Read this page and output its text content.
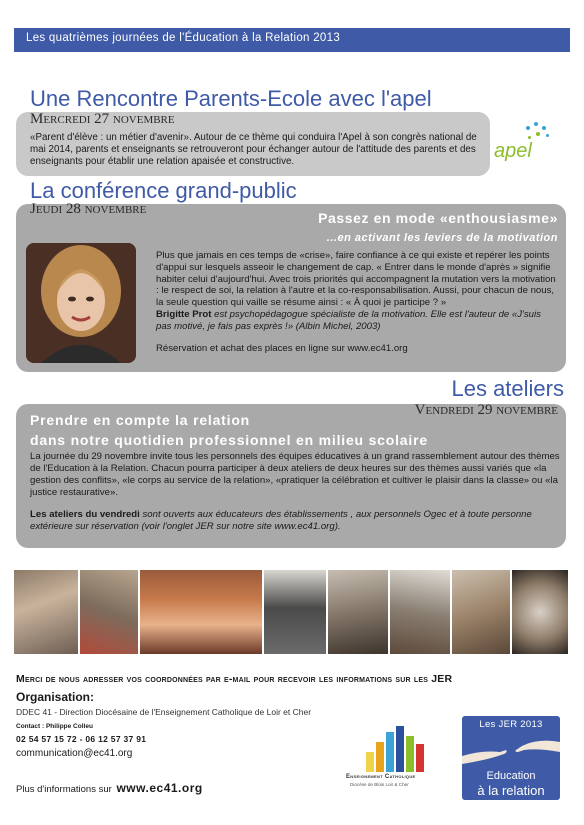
Les quatrièmes journées de l'Éducation à la Relation 2013
Une Rencontre Parents-Ecole avec l'apel
Mercredi 27 novembre
«Parent d'élève : un métier d'avenir». Autour de ce thème qui conduira l'Apel à son congrès national de mai 2014, parents et enseignants se retrouveront pour échanger autour de l'attitude des parents et des enseignants pour établir une relation apaisée et constructive.	apel
La conférence grand-public
Jeudi 28 novembre
Passez en mode «enthousiasme»
...en activant les leviers de la motivation
Plus que jamais en ces temps de «crise», faire confiance à ce qui existe et repérer les points d'appui sur lesquels asseoir le changement de cap. « Entrer dans le monde d'après » signifie habiter celui d'aujourd'hui. Avec trois priorités qui accompagnent la mutation vers la motivation : le respect de soi, la relation à l'autre et la co-responsabilisation. Aussi, pour chacun de nous, la seule question qui vaille se résume ainsi : « À quoi je participe ? »
Brigitte Prot est psychopédagogue spécialiste de la motivation. Elle est l'auteur de «J'suis pas motivé, je fais pas exprès !» (Albin Michel, 2003)
Réservation et achat des places en ligne sur www.ec41.org
Les ateliers
Vendredi 29 novembre
Prendre en compte la relation
dans notre quotidien professionnel en milieu scolaire
La journée du 29 novembre invite tous les personnels des équipes éducatives à un grand rassemblement autour des thèmes de l'Education à la Relation. Chacun pourra participer à deux ateliers de deux heures sur des thèmes aussi variés que «la gestion des conflits», «le corps au service de la relation», «pratiquer la célébration et cultiver le plaisir dans la classe» ou «la justice restaurative».
Les ateliers du vendredi sont ouverts aux éducateurs des établissements , aux personnels Ogec et à toute personne extérieure sur réservation (voir l'onglet JER sur notre site www.ec41.org).
Merci de nous adresser vos coordonnées par e-mail pour recevoir les informations sur les JER
Organisation:
DDEC 41 - Direction Diocésaine de l'Enseignement Catholique de Loir et Cher
Contact : Philippe Colleu
02 54 57 15 72 - 06 12 57 37 91
communication@ec41.org
Plus d'informations sur www.ec41.org
Enseignement Catholique
Diocèse de Blois Loir & Cher
Les JER 2013
Education
à la relation
